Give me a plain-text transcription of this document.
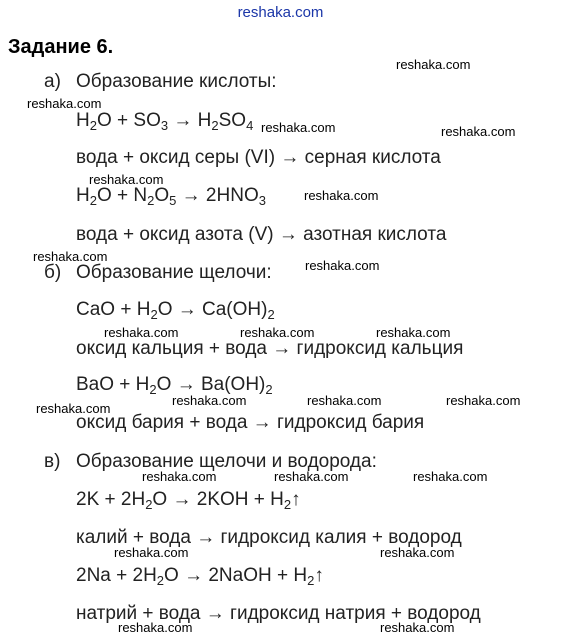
reshaka.com
Задание 6.
а) Образование кислоты:
$H_2O + SO_3 \to H_2SO_4$
вода + оксид серы (VI) → серная кислота
$H_2O + N_2O_5 \to 2HNO_3$
вода + оксид азота (V) → азотная кислота
б) Образование щелочи:
CaO + $H_2O \to Ca(OH)_2$
оксид кальция + вода → гидроксид кальция
BaO + $H_2O \to Ba(OH)_2$
оксид бария + вода → гидроксид бария
в) Образование щелочи и водорода:
$2K + 2H_2O \to 2KOH$ + $H_2↑$
калий + вода → гидроксид калия + водород
$2Na + 2H_2O$ → 2NaOH + $H_2↑$
натрий + вода → гидроксид натрия + водород
reshaka.com
reshaka.com
reshaka.com	reshaka.com
reshaka.com
reshaka.com
reshaka.com
reshaka.com
reshaka.com	reshaka.com	reshaka.com
reshaka.com
reshaka.com
reshaka.com	reshaka.com
reshaka.com	reshaka.com	reshaka.com
reshaka.com	reshaka.com
reshaka.com	reshaka.com
